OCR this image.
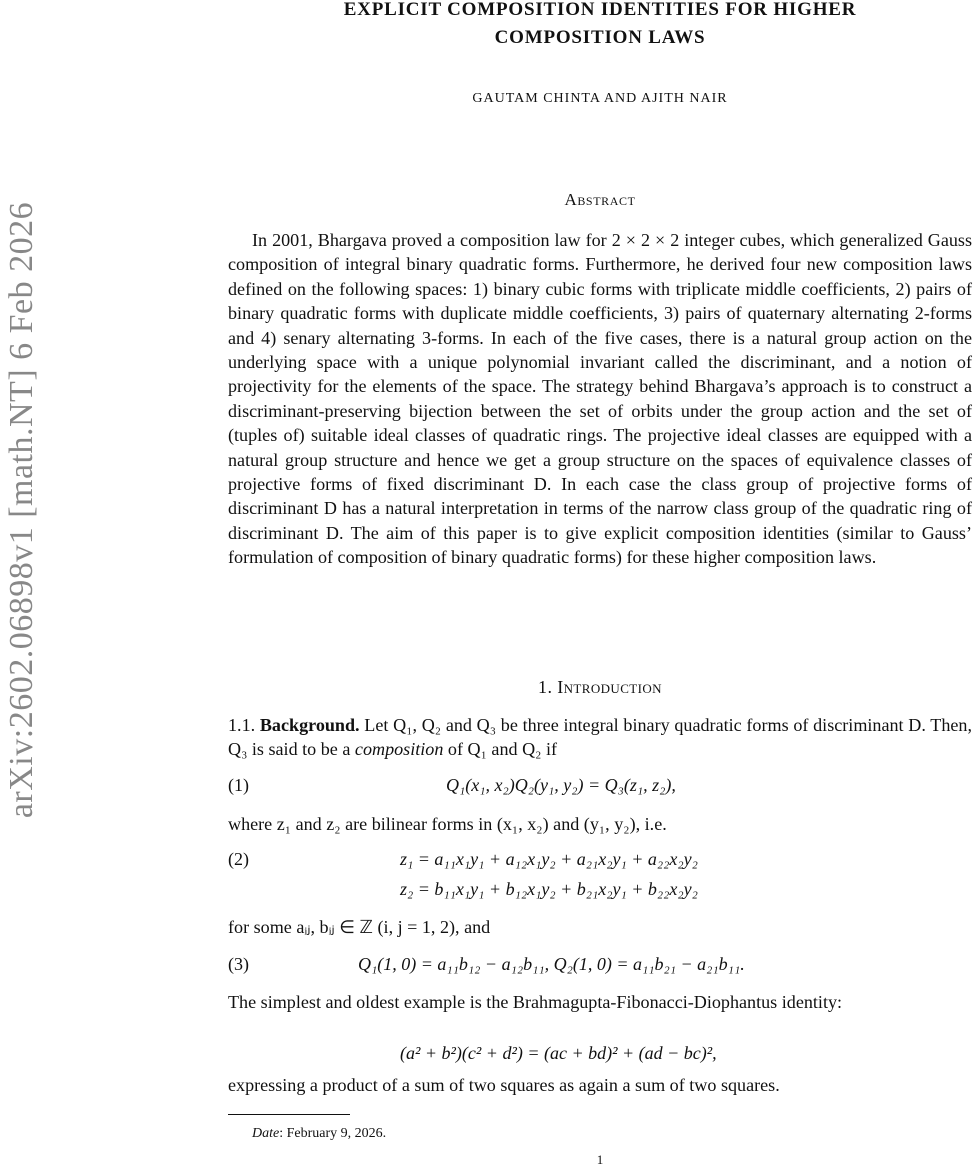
arXiv:2602.06898v1 [math.NT] 6 Feb 2026
EXPLICIT COMPOSITION IDENTITIES FOR HIGHER
COMPOSITION LAWS
GAUTAM CHINTA AND AJITH NAIR
Abstract
In 2001, Bhargava proved a composition law for 2 × 2 × 2 integer cubes, which generalized Gauss composition of integral binary quadratic forms. Furthermore, he derived four new composition laws defined on the following spaces: 1) binary cubic forms with triplicate middle coefficients, 2) pairs of binary quadratic forms with duplicate middle coefficients, 3) pairs of quaternary alternating 2-forms and 4) senary alternating 3-forms. In each of the five cases, there is a natural group action on the underlying space with a unique polynomial invariant called the discriminant, and a notion of projectivity for the elements of the space. The strategy behind Bhargava’s approach is to construct a discriminant-preserving bijection between the set of orbits under the group action and the set of (tuples of) suitable ideal classes of quadratic rings. The projective ideal classes are equipped with a natural group structure and hence we get a group structure on the spaces of equivalence classes of projective forms of fixed discriminant D. In each case the class group of projective forms of discriminant D has a natural interpretation in terms of the narrow class group of the quadratic ring of discriminant D. The aim of this paper is to give explicit composition identities (similar to Gauss’ formulation of composition of binary quadratic forms) for these higher composition laws.
1. Introduction
1.1. Background. Let Q₁, Q₂ and Q₃ be three integral binary quadratic forms of discriminant D. Then, Q₃ is said to be a composition of Q₁ and Q₂ if
(1)	Q₁(x₁, x₂)Q₂(y₁, y₂) = Q₃(z₁, z₂),
where z₁ and z₂ are bilinear forms in (x₁, x₂) and (y₁, y₂), i.e.
(2)	z₁ = a₁₁x₁y₁ + a₁₂x₁y₂ + a₂₁x₂y₁ + a₂₂x₂y₂
z₂ = b₁₁x₁y₁ + b₁₂x₁y₂ + b₂₁x₂y₁ + b₂₂x₂y₂
for some aᵢⱼ, bᵢⱼ ∈ ℤ (i, j = 1, 2), and
(3)	Q₁(1, 0) = a₁₁b₁₂ − a₁₂b₁₁, Q₂(1, 0) = a₁₁b₂₁ − a₂₁b₁₁.
The simplest and oldest example is the Brahmagupta-Fibonacci-Diophantus identity:
(a² + b²)(c² + d²) = (ac + bd)² + (ad − bc)²,
expressing a product of a sum of two squares as again a sum of two squares.
Date: February 9, 2026.
1
